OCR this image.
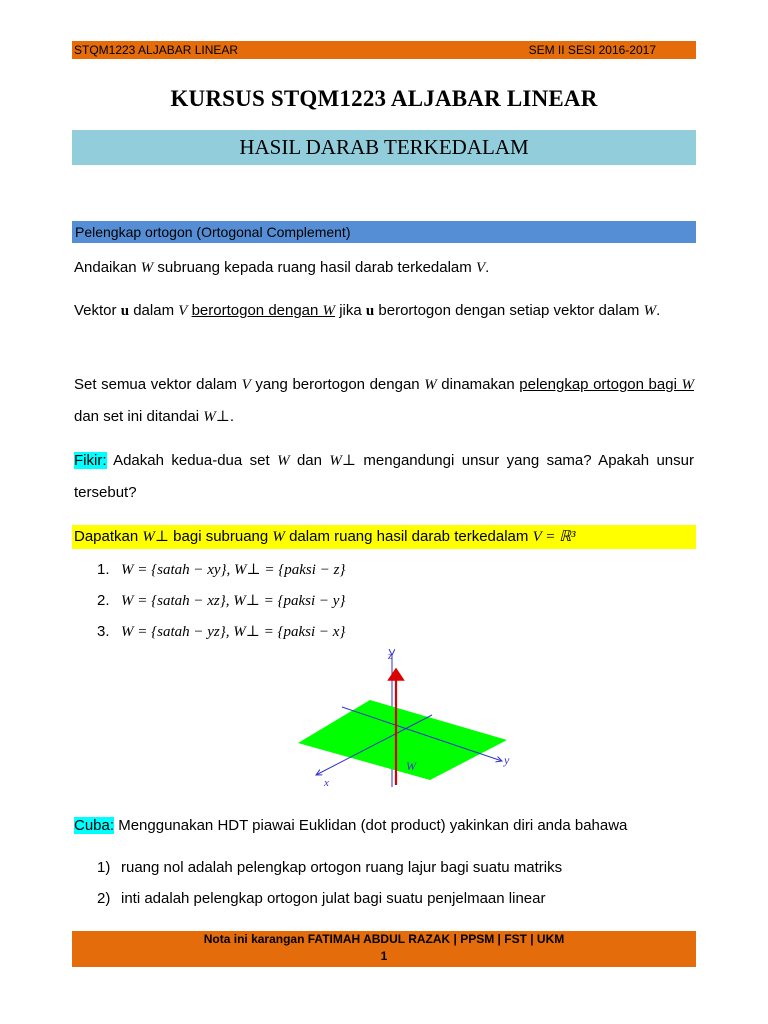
STQM1223 ALJABAR LINEAR	SEM II SESI 2016-2017
KURSUS STQM1223 ALJABAR LINEAR
HASIL DARAB TERKEDALAM
Pelengkap ortogon (Ortogonal Complement)
Andaikan W subruang kepada ruang hasil darab terkedalam V.
Vektor u dalam V berortogon dengan W jika u berortogon dengan setiap vektor dalam W.
Set semua vektor dalam V yang berortogon dengan W dinamakan pelengkap ortogon bagi W dan set ini ditandai W⊥.
Fikir: Adakah kedua-dua set W dan W⊥ mengandungi unsur yang sama? Apakah unsur tersebut?
Dapatkan W⊥ bagi subruang W dalam ruang hasil darab terkedalam V = ℝ³
1. W = {satah − xy}, W⊥ = {paksi − z}
2. W = {satah − xz}, W⊥ = {paksi − y}
3. W = {satah − yz}, W⊥ = {paksi − x}
z
y
x
W
Cuba: Menggunakan HDT piawai Euklidan (dot product) yakinkan diri anda bahawa
1) ruang nol adalah pelengkap ortogon ruang lajur bagi suatu matriks
2) inti adalah pelengkap ortogon julat bagi suatu penjelmaan linear
Nota ini karangan FATIMAH ABDUL RAZAK | PPSM | FST | UKM
1
